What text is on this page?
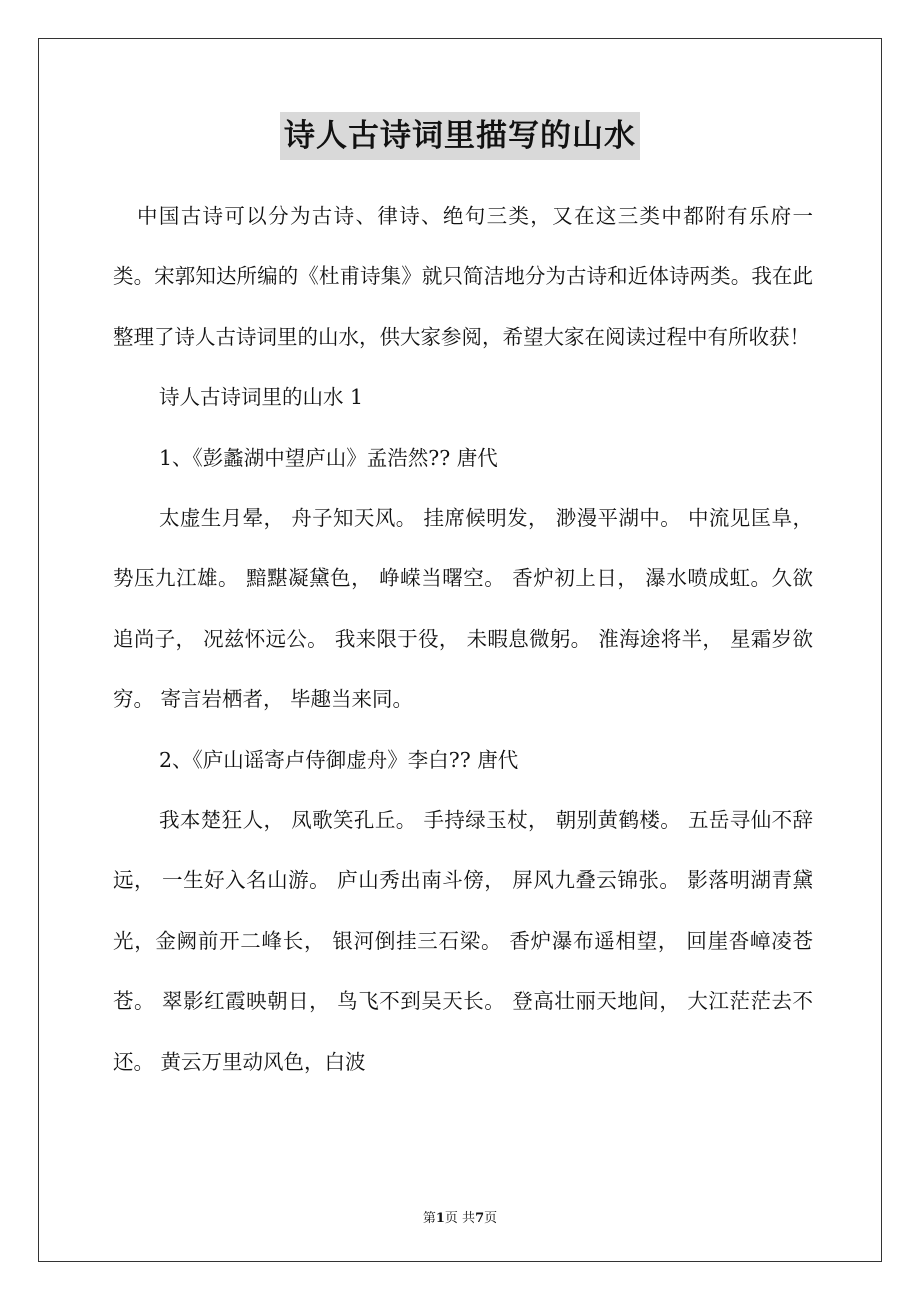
诗人古诗词里描写的山水

中国古诗可以分为古诗、律诗、绝句三类，又在这三类中都附有乐府一类。宋郭知达所编的《杜甫诗集》就只简洁地分为古诗和近体诗两类。我在此整理了诗人古诗词里的山水，供大家参阅，希望大家在阅读过程中有所收获！

诗人古诗词里的山水 1

1、《彭蠡湖中望庐山》孟浩然?? 唐代

太虚生月晕， 舟子知天风。 挂席候明发， 渺漫平湖中。 中流见匡阜， 势压九江雄。 黯黮凝黛色， 峥嵘当曙空。 香炉初上日， 瀑水喷成虹。久欲追尚子， 况兹怀远公。 我来限于役， 未暇息微躬。 淮海途将半， 星霜岁欲穷。 寄言岩栖者， 毕趣当来同。

2、《庐山谣寄卢侍御虚舟》李白?? 唐代

我本楚狂人， 凤歌笑孔丘。 手持绿玉杖， 朝别黄鹤楼。 五岳寻仙不辞远， 一生好入名山游。 庐山秀出南斗傍， 屏风九叠云锦张。 影落明湖青黛光，金阙前开二峰长， 银河倒挂三石梁。 香炉瀑布遥相望， 回崖沓嶂凌苍苍。 翠影红霞映朝日， 鸟飞不到吴天长。 登高壮丽天地间， 大江茫茫去不还。 黄云万里动风色，白波

第1页 共7页
